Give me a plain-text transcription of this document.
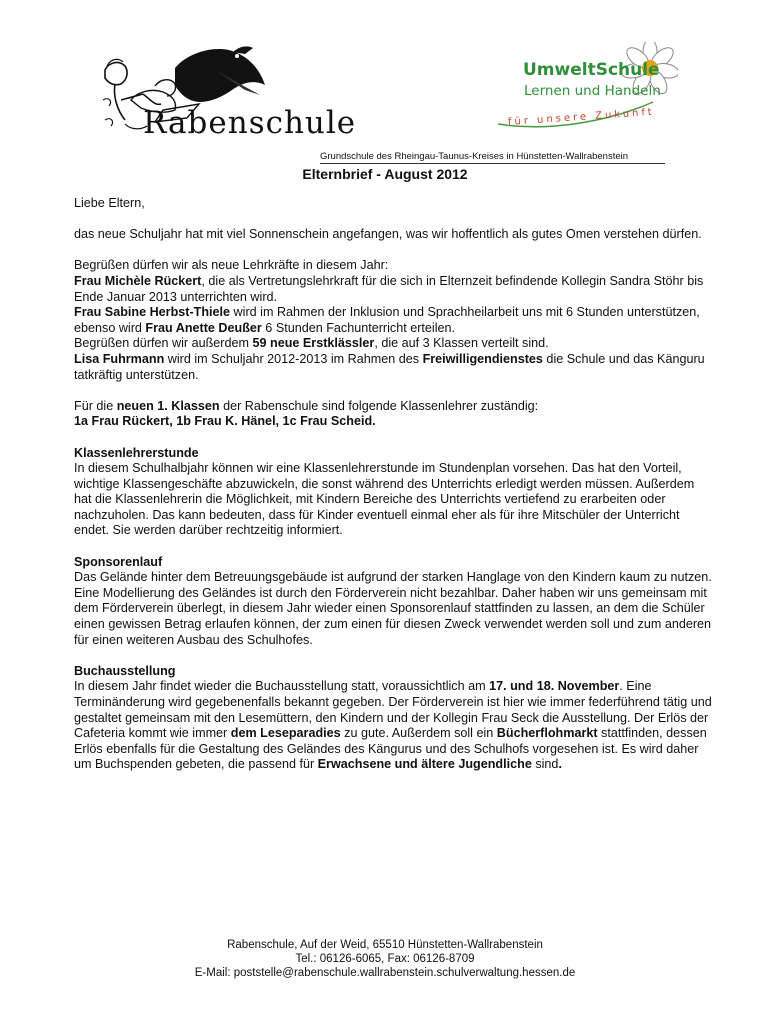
Rabenschule
UmweltSchule
Lernen und Handeln
für unsere Zukunft
Grundschule des Rheingau-Taunus-Kreises in Hünstetten-Wallrabenstein
Elternbrief - August 2012

Liebe Eltern,

das neue Schuljahr hat mit viel Sonnenschein angefangen, was wir hoffentlich als gutes Omen verstehen dürfen.

Begrüßen dürfen wir als neue Lehrkräfte in diesem Jahr:
Frau Michèle Rückert, die als Vertretungslehrkraft für die sich in Elternzeit befindende Kollegin Sandra Stöhr bis Ende Januar 2013 unterrichten wird.
Frau Sabine Herbst-Thiele wird im Rahmen der Inklusion und Sprachheilarbeit uns mit 6 Stunden unterstützen, ebenso wird Frau Anette Deußer 6 Stunden Fachunterricht erteilen.
Begrüßen dürfen wir außerdem 59 neue Erstklässler, die auf 3 Klassen verteilt sind.
Lisa Fuhrmann wird im Schuljahr 2012-2013 im Rahmen des Freiwilligendienstes die Schule und das Känguru tatkräftig unterstützen.

Für die neuen 1. Klassen der Rabenschule sind folgende Klassenlehrer zuständig:
1a Frau Rückert, 1b Frau K. Hänel, 1c Frau Scheid.

Klassenlehrerstunde
In diesem Schulhalbjahr können wir eine Klassenlehrerstunde im Stundenplan vorsehen. Das hat den Vorteil, wichtige Klassengeschäfte abzuwickeln, die sonst während des Unterrichts erledigt werden müssen. Außerdem hat die Klassenlehrerin die Möglichkeit, mit Kindern Bereiche des Unterrichts vertiefend zu erarbeiten oder nachzuholen. Das kann bedeuten, dass für Kinder eventuell einmal eher als für ihre Mitschüler der Unterricht endet. Sie werden darüber rechtzeitig informiert.

Sponsorenlauf
Das Gelände hinter dem Betreuungsgebäude ist aufgrund der starken Hanglage von den Kindern kaum zu nutzen. Eine Modellierung des Geländes ist durch den Förderverein nicht bezahlbar. Daher haben wir uns gemeinsam mit dem Förderverein überlegt, in diesem Jahr wieder einen Sponsorenlauf stattfinden zu lassen, an dem die Schüler einen gewissen Betrag erlaufen können, der zum einen für diesen Zweck verwendet werden soll und zum anderen für einen weiteren Ausbau des Schulhofes.

Buchausstellung
In diesem Jahr findet wieder die Buchausstellung statt, voraussichtlich am 17. und 18. November. Eine Terminänderung wird gegebenenfalls bekannt gegeben. Der Förderverein ist hier wie immer federführend tätig und gestaltet gemeinsam mit den Lesemüttern, den Kindern und der Kollegin Frau Seck die Ausstellung. Der Erlös der Cafeteria kommt wie immer dem Leseparadies zu gute. Außerdem soll ein Bücherflohmarkt stattfinden, dessen Erlös ebenfalls für die Gestaltung des Geländes des Kängurus und des Schulhofs vorgesehen ist. Es wird daher um Buchspenden gebeten, die passend für Erwachsene und ältere Jugendliche sind.

Rabenschule, Auf der Weid, 65510 Hünstetten-Wallrabenstein
Tel.: 06126-6065, Fax: 06126-8709
E-Mail: poststelle@rabenschule.wallrabenstein.schulverwaltung.hessen.de
